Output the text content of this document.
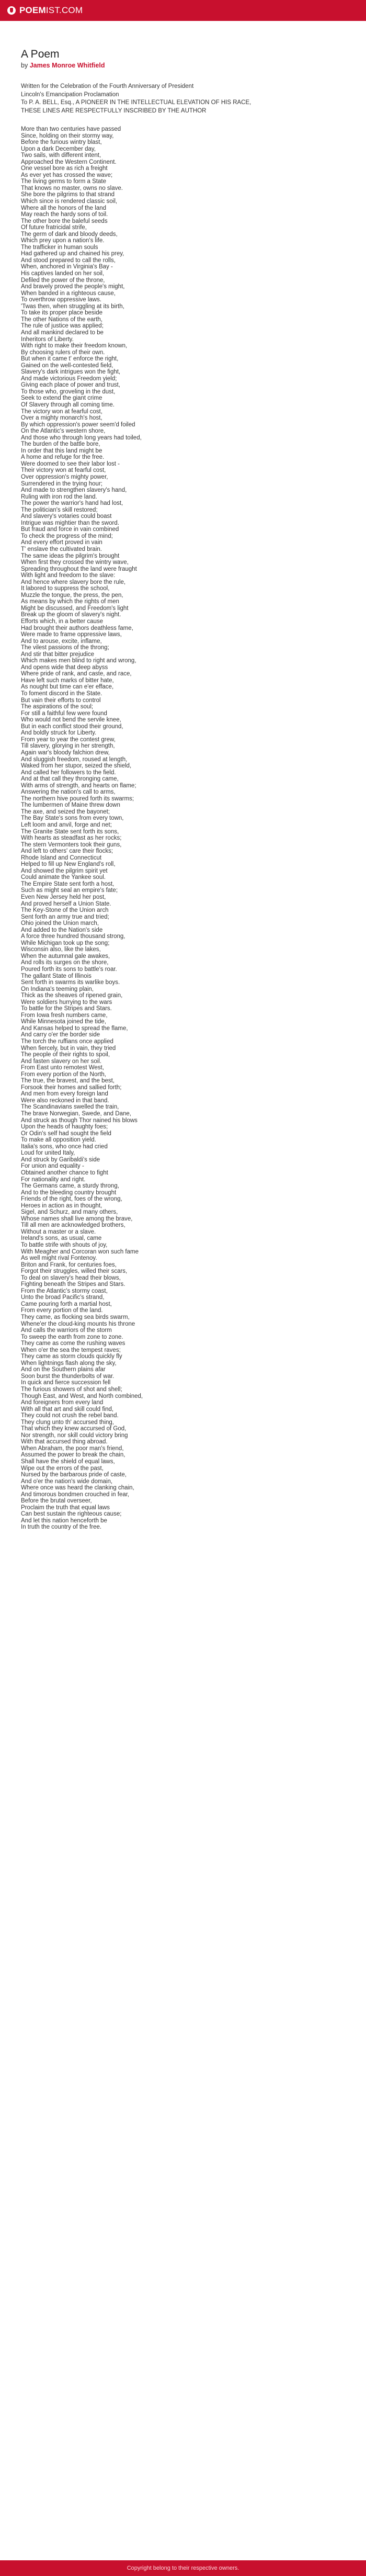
POEM IST.COM
A Poem
by James Monroe Whitfield
Written for the Celebration of the Fourth Anniversary of President
Lincoln's Emancipation Proclamation
To P. A. BELL, Esq., A PIONEER IN THE INTELLECTUAL ELEVATION OF HIS RACE,
THESE LINES ARE RESPECTFULLY INSCRIBED BY THE AUTHOR
More than two centuries have passed
Since, holding on their stormy way,
Before the furious wintry blast,
Upon a dark December day,
Two sails, with different intent,
Approached the Western Continent.
One vessel bore as rich a freight
As ever yet has crossed the wave;
The living germs to form a State
That knows no master, owns no slave.
She bore the pilgrims to that strand
Which since is rendered classic soil,
Where all the honors of the land
May reach the hardy sons of toil.
The other bore the baleful seeds
Of future fratricidal strife,
The germ of dark and bloody deeds,
Which prey upon a nation's life.
The trafficker in human souls
Had gathered up and chained his prey,
And stood prepared to call the rolls,
When, anchored in Virginia's Bay -
His captives landed on her soil,
Defiled the power of the throne,
And bravely proved the people's might,
When banded in a righteous cause,
To overthrow oppressive laws.
'Twas then, when struggling at its birth,
To take its proper place beside
The other Nations of the earth,
The rule of justice was applied;
And all mankind declared to be
Inheritors of Liberty.
With right to make their freedom known,
By choosing rulers of their own.
But when it came t' enforce the right,
Gained on the well-contested field,
Slavery's dark intrigues won the fight,
And made victorious Freedom yield;
Giving each place of power and trust,
To those who, groveling in the dust,
Seek to extend the giant crime
Of Slavery through all coming time.
The victory won at fearful cost,
Over a mighty monarch's host,
By which oppression's power seem'd foiled
On the Atlantic's western shore,
And those who through long years had toiled,
The burden of the battle bore,
In order that this land might be
A home and refuge for the free.
Were doomed to see their labor lost -
Their victory won at fearful cost,
Over oppression's mighty power,
Surrendered in the trying hour;
And made to strengthen slavery's hand,
Ruling with iron rod the land.
The power the warrior's hand had lost,
The politician's skill restored;
And slavery's votaries could boast
Intrigue was mightier than the sword.
But fraud and force in vain combined
To check the progress of the mind;
And every effort proved in vain
T' enslave the cultivated brain.
The same ideas the pilgrim's brought
When first they crossed the wintry wave,
Spreading throughout the land were fraught
With light and freedom to the slave:
And hence where slavery bore the rule,
It labored to suppress the school,
Muzzle the tongue, the press, the pen,
As means by which the rights of men
Might be discussed, and Freedom's light
Break up the gloom of slavery's night.
Efforts which, in a better cause
Had brought their authors deathless fame,
Were made to frame oppressive laws,
And to arouse, excite, inflame,
The vilest passions of the throng;
And stir that bitter prejudice
Which makes men blind to right and wrong,
And opens wide that deep abyss
Where pride of rank, and caste, and race,
Have left such marks of bitter hate,
As nought but time can e'er efface,
To foment discord in the State.
But vain their efforts to control
The aspirations of the soul;
For still a faithful few were found
Who would not bend the servile knee,
But in each conflict stood their ground,
And boldly struck for Liberty.
From year to year the contest grew,
Till slavery, glorying in her strength,
Again war's bloody falchion drew,
And sluggish freedom, roused at length,
Waked from her stupor, seized the shield,
And called her followers to the field.
And at that call they thronging came,
With arms of strength, and hearts on flame;
Answering the nation's call to arms,
The northern hive poured forth its swarms;
The lumbermen of Maine threw down
The axe, and seized the bayonet;
The Bay State's sons from every town,
Left loom and anvil, forge and net;
The Granite State sent forth its sons,
With hearts as steadfast as her rocks;
The stern Vermonters took their guns,
And left to others' care their flocks;
Rhode Island and Connecticut
Helped to fill up New England's roll,
And showed the pilgrim spirit yet
Could animate the Yankee soul.
The Empire State sent forth a host,
Such as might seal an empire's fate;
Even New Jersey held her post,
And proved herself a Union State.
The Key-Stone of the Union arch
Sent forth an army true and tried;
Ohio joined the Union march,
And added to the Nation's side
A force three hundred thousand strong,
While Michigan took up the song;
Wisconsin also, like the lakes,
When the autumnal gale awakes,
And rolls its surges on the shore,
Poured forth its sons to battle's roar.
The gallant State of Illinois
Sent forth in swarms its warlike boys.
On Indiana's teeming plain,
Thick as the sheaves of ripened grain,
Were soldiers hurrying to the wars
To battle for the Stripes and Stars.
From Iowa fresh numbers came,
While Minnesota joined the tide,
And Kansas helped to spread the flame,
And carry o'er the border side
The torch the ruffians once applied
When fiercely, but in vain, they tried
The people of their rights to spoil,
And fasten slavery on her soil.
From East unto remotest West,
From every portion of the North,
The true, the bravest, and the best,
Forsook their homes and sallied forth;
And men from every foreign land
Were also reckoned in that band.
The Scandinavians swelled the train,
The brave Norwegian, Swede, and Dane,
And struck as though Thor nained his blows
Upon the heads of haughty foes;
Or Odin's self had sought the field
To make all opposition yield.
Italia's sons, who once had cried
Loud for united Italy,
And struck by Garibaldi's side
For union and equality -
Obtained another chance to fight
For nationality and right.
The Germans came, a sturdy throng,
And to the bleeding country brought
Friends of the right, foes of the wrong,
Heroes in action as in thought,
Sigel, and Schurz, and many others,
Whose names shall live among the brave,
Till all men are acknowledged brothers,
Without a master or a slave.
Ireland's sons, as usual, came
To battle strife with shouts of joy,
With Meagher and Corcoran won such fame
As well might rival Fontenoy.
Briton and Frank, for centuries foes,
Forgot their struggles, willed their scars,
To deal on slavery's head their blows,
Fighting beneath the Stripes and Stars.
From the Atlantic's stormy coast,
Unto the broad Pacific's strand,
Came pouring forth a martial host,
From every portion of the land.
They came, as flocking sea birds swarm,
Whene'er the cloud-king mounts his throne
And calls the warriors of the storm
To sweep the earth from zone to zone.
They came as come the rushing waves
When o'er the sea the tempest raves;
They came as storm clouds quickly fly
When lightnings flash along the sky,
And on the Southern plains afar
Soon burst the thunderbolts of war.
In quick and fierce succession fell
The furious showers of shot and shell;
Though East, and West, and North combined,
And foreigners from every land
With all that art and skill could find,
They could not crush the rebel band.
They clung unto th' accursed thing,
That which they knew accursed of God,
Nor strength, nor skill could victory bring
With that accursed thing abroad.
When Abraham, the poor man's friend,
Assumed the power to break the chain,
Shall have the shield of equal laws,
Wipe out the errors of the past,
Nursed by the barbarous pride of caste,
And o'er the nation's wide domain,
Where once was heard the clanking chain,
And timorous bondmen crouched in fear,
Before the brutal overseer,
Proclaim the truth that equal laws
Can best sustain the righteous cause;
And let this nation henceforth be
In truth the country of the free.
Copyright belong to their respective owners.
